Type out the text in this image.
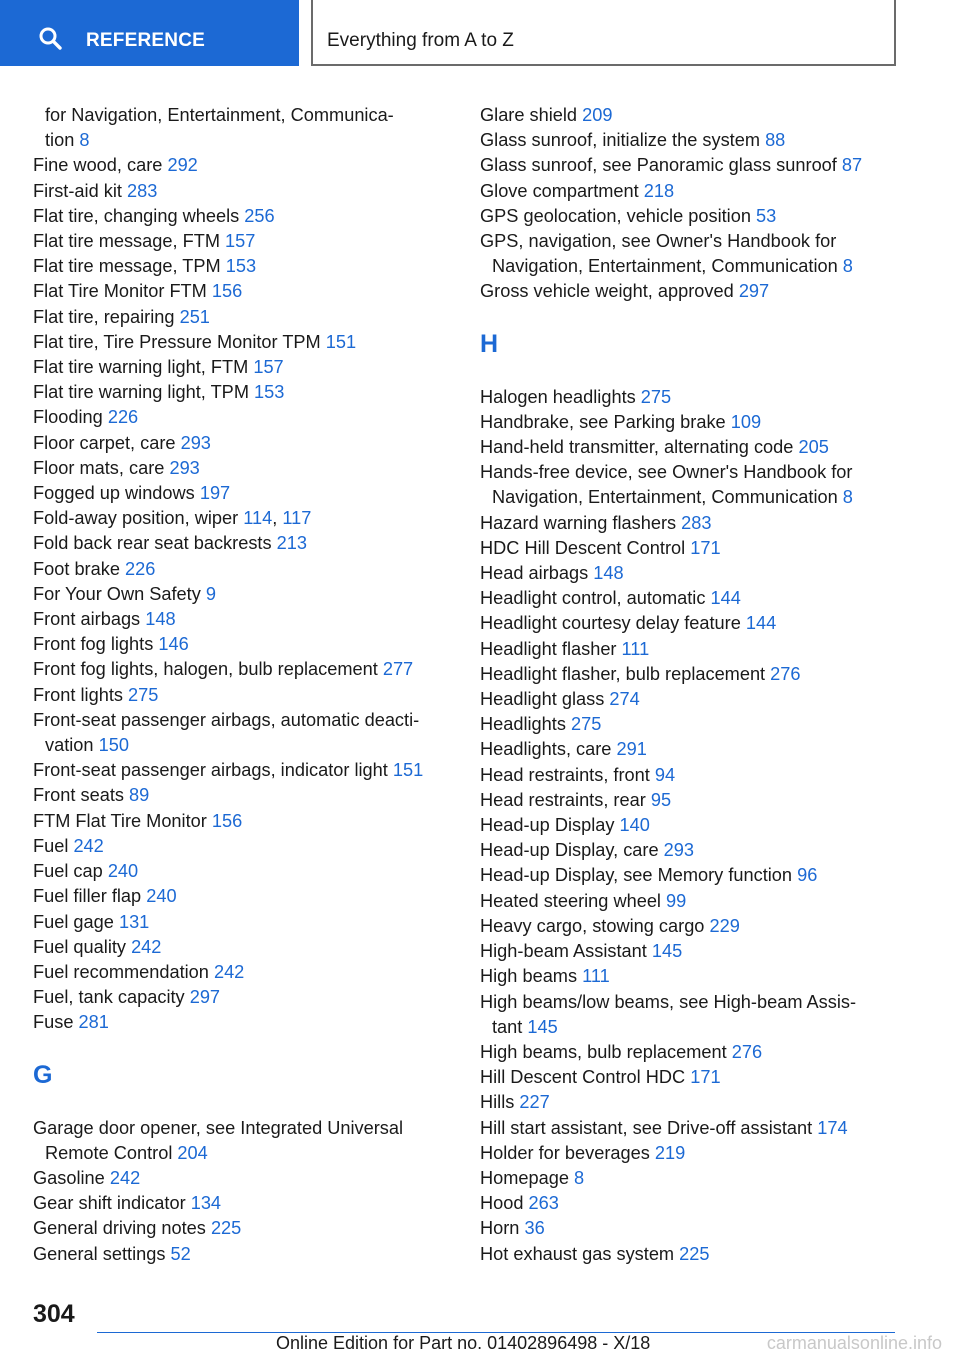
REFERENCE	Everything from A to Z
for Navigation, Entertainment, Communica-
tion 8
Fine wood, care 292
First-aid kit 283
Flat tire, changing wheels 256
Flat tire message, FTM 157
Flat tire message, TPM 153
Flat Tire Monitor FTM 156
Flat tire, repairing 251
Flat tire, Tire Pressure Monitor TPM 151
Flat tire warning light, FTM 157
Flat tire warning light, TPM 153
Flooding 226
Floor carpet, care 293
Floor mats, care 293
Fogged up windows 197
Fold-away position, wiper 114, 117
Fold back rear seat backrests 213
Foot brake 226
For Your Own Safety 9
Front airbags 148
Front fog lights 146
Front fog lights, halogen, bulb replacement 277
Front lights 275
Front-seat passenger airbags, automatic deacti-
vation 150
Front-seat passenger airbags, indicator light 151
Front seats 89
FTM Flat Tire Monitor 156
Fuel 242
Fuel cap 240
Fuel filler flap 240
Fuel gage 131
Fuel quality 242
Fuel recommendation 242
Fuel, tank capacity 297
Fuse 281
G
Garage door opener, see Integrated Universal
Remote Control 204
Gasoline 242
Gear shift indicator 134
General driving notes 225
General settings 52
Glare shield 209
Glass sunroof, initialize the system 88
Glass sunroof, see Panoramic glass sunroof 87
Glove compartment 218
GPS geolocation, vehicle position 53
GPS, navigation, see Owner's Handbook for
Navigation, Entertainment, Communication 8
Gross vehicle weight, approved 297
H
Halogen headlights 275
Handbrake, see Parking brake 109
Hand-held transmitter, alternating code 205
Hands-free device, see Owner's Handbook for
Navigation, Entertainment, Communication 8
Hazard warning flashers 283
HDC Hill Descent Control 171
Head airbags 148
Headlight control, automatic 144
Headlight courtesy delay feature 144
Headlight flasher 111
Headlight flasher, bulb replacement 276
Headlight glass 274
Headlights 275
Headlights, care 291
Head restraints, front 94
Head restraints, rear 95
Head-up Display 140
Head-up Display, care 293
Head-up Display, see Memory function 96
Heated steering wheel 99
Heavy cargo, stowing cargo 229
High-beam Assistant 145
High beams 111
High beams/low beams, see High-beam Assis-
tant 145
High beams, bulb replacement 276
Hill Descent Control HDC 171
Hills 227
Hill start assistant, see Drive-off assistant 174
Holder for beverages 219
Homepage 8
Hood 263
Horn 36
Hot exhaust gas system 225
304
Online Edition for Part no. 01402896498 - X/18	carmanualsonline.info
